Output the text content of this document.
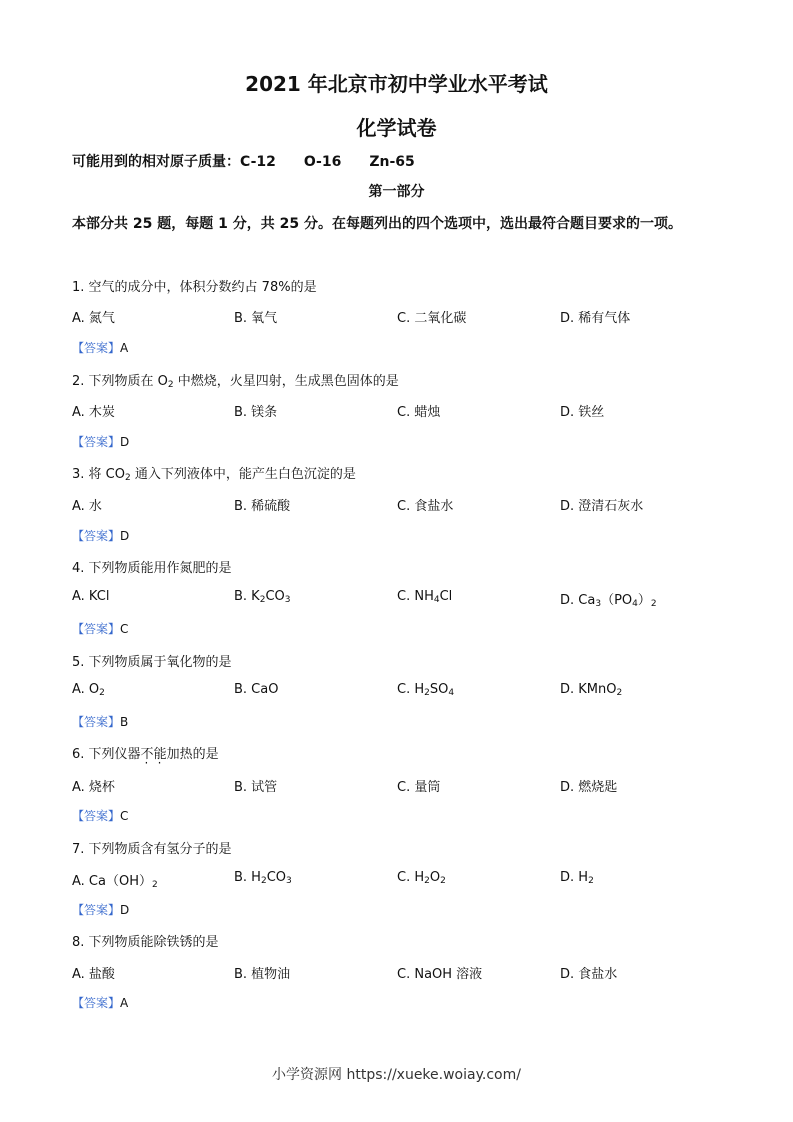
2021 年北京市初中学业水平考试
化学试卷
可能用到的相对原子质量：C-12 O-16 Zn-65
第一部分
本部分共 25 题，每题 1 分，共 25 分。在每题列出的四个选项中，选出最符合题目要求的一项。
1. 空气的成分中，体积分数约占 78%的是
A. 氮气	B. 氧气	C. 二氧化碳	D. 稀有气体
【答案】A
2. 下列物质在 $O_2$ 中燃烧，火星四射，生成黑色固体的是
A. 木炭	B. 镁条	C. 蜡烛	D. 铁丝
【答案】D
3. 将 $CO_2$ 通入下列液体中，能产生白色沉淀的是
A. 水	B. 稀硫酸	C. 食盐水	D. 澄清石灰水
【答案】D
4. 下列物质能用作氮肥的是
A. KCl	B. $K_2CO_3$	C. $NH_4Cl$	D. $Ca_3(PO_4)_2$
【答案】C
5. 下列物质属于氧化物的是
A. $O_2$	B. CaO	C. $H_2SO_4$	D. KMnO$_2$
【答案】B
6. 下列仪器不能加热的是
A. 烧杯	B. 试管	C. 量筒	D. 燃烧匙
【答案】C
7. 下列物质含有氢分子的是
A. $Ca(OH)_2$	B. $H_2CO_3$	C. $H_2O_2$	D. $H_2$
【答案】D
8. 下列物质能除铁锈的是
A. 盐酸	B. 植物油	C. NaOH 溶液	D. 食盐水
【答案】A
小学资源网 https://xueke.woiay.com/
